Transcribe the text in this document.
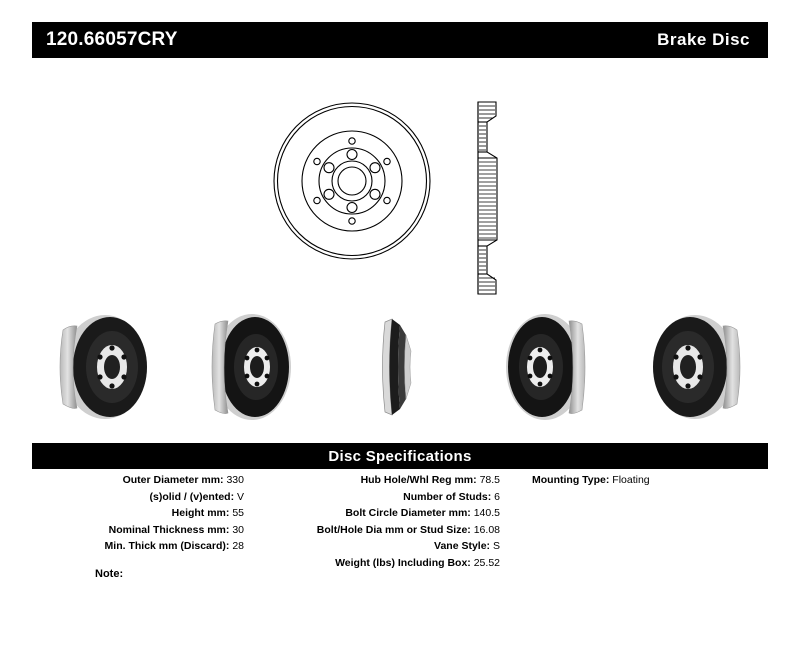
120.66057CRY	Brake Disc
Disc Specifications
Outer Diameter mm: 330
(s)olid / (v)ented: V
Height mm: 55
Nominal Thickness mm: 30
Min. Thick mm (Discard): 28
Hub Hole/Whl Reg mm: 78.5
Number of Studs: 6
Bolt Circle Diameter mm: 140.5
Bolt/Hole Dia mm or Stud Size: 16.08
Vane Style: S
Weight (lbs) Including Box: 25.52
Mounting Type: Floating
Note:
